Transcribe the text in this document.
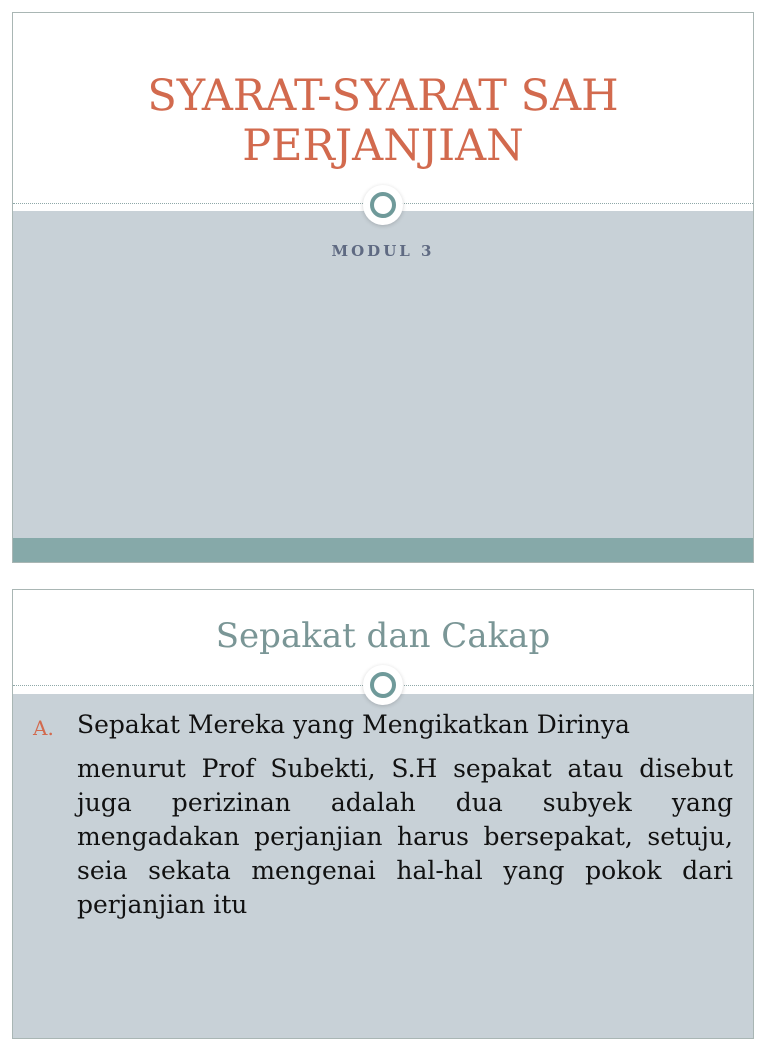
SYARAT-SYARAT SAH
PERJANJIAN
MODUL 3
Sepakat dan Cakap
A. Sepakat Mereka yang Mengikatkan Dirinya

menurut Prof Subekti, S.H sepakat atau disebut juga perizinan adalah dua subyek yang mengadakan perjanjian harus bersepakat, setuju, seia sekata mengenai hal-hal yang pokok dari perjanjian itu
